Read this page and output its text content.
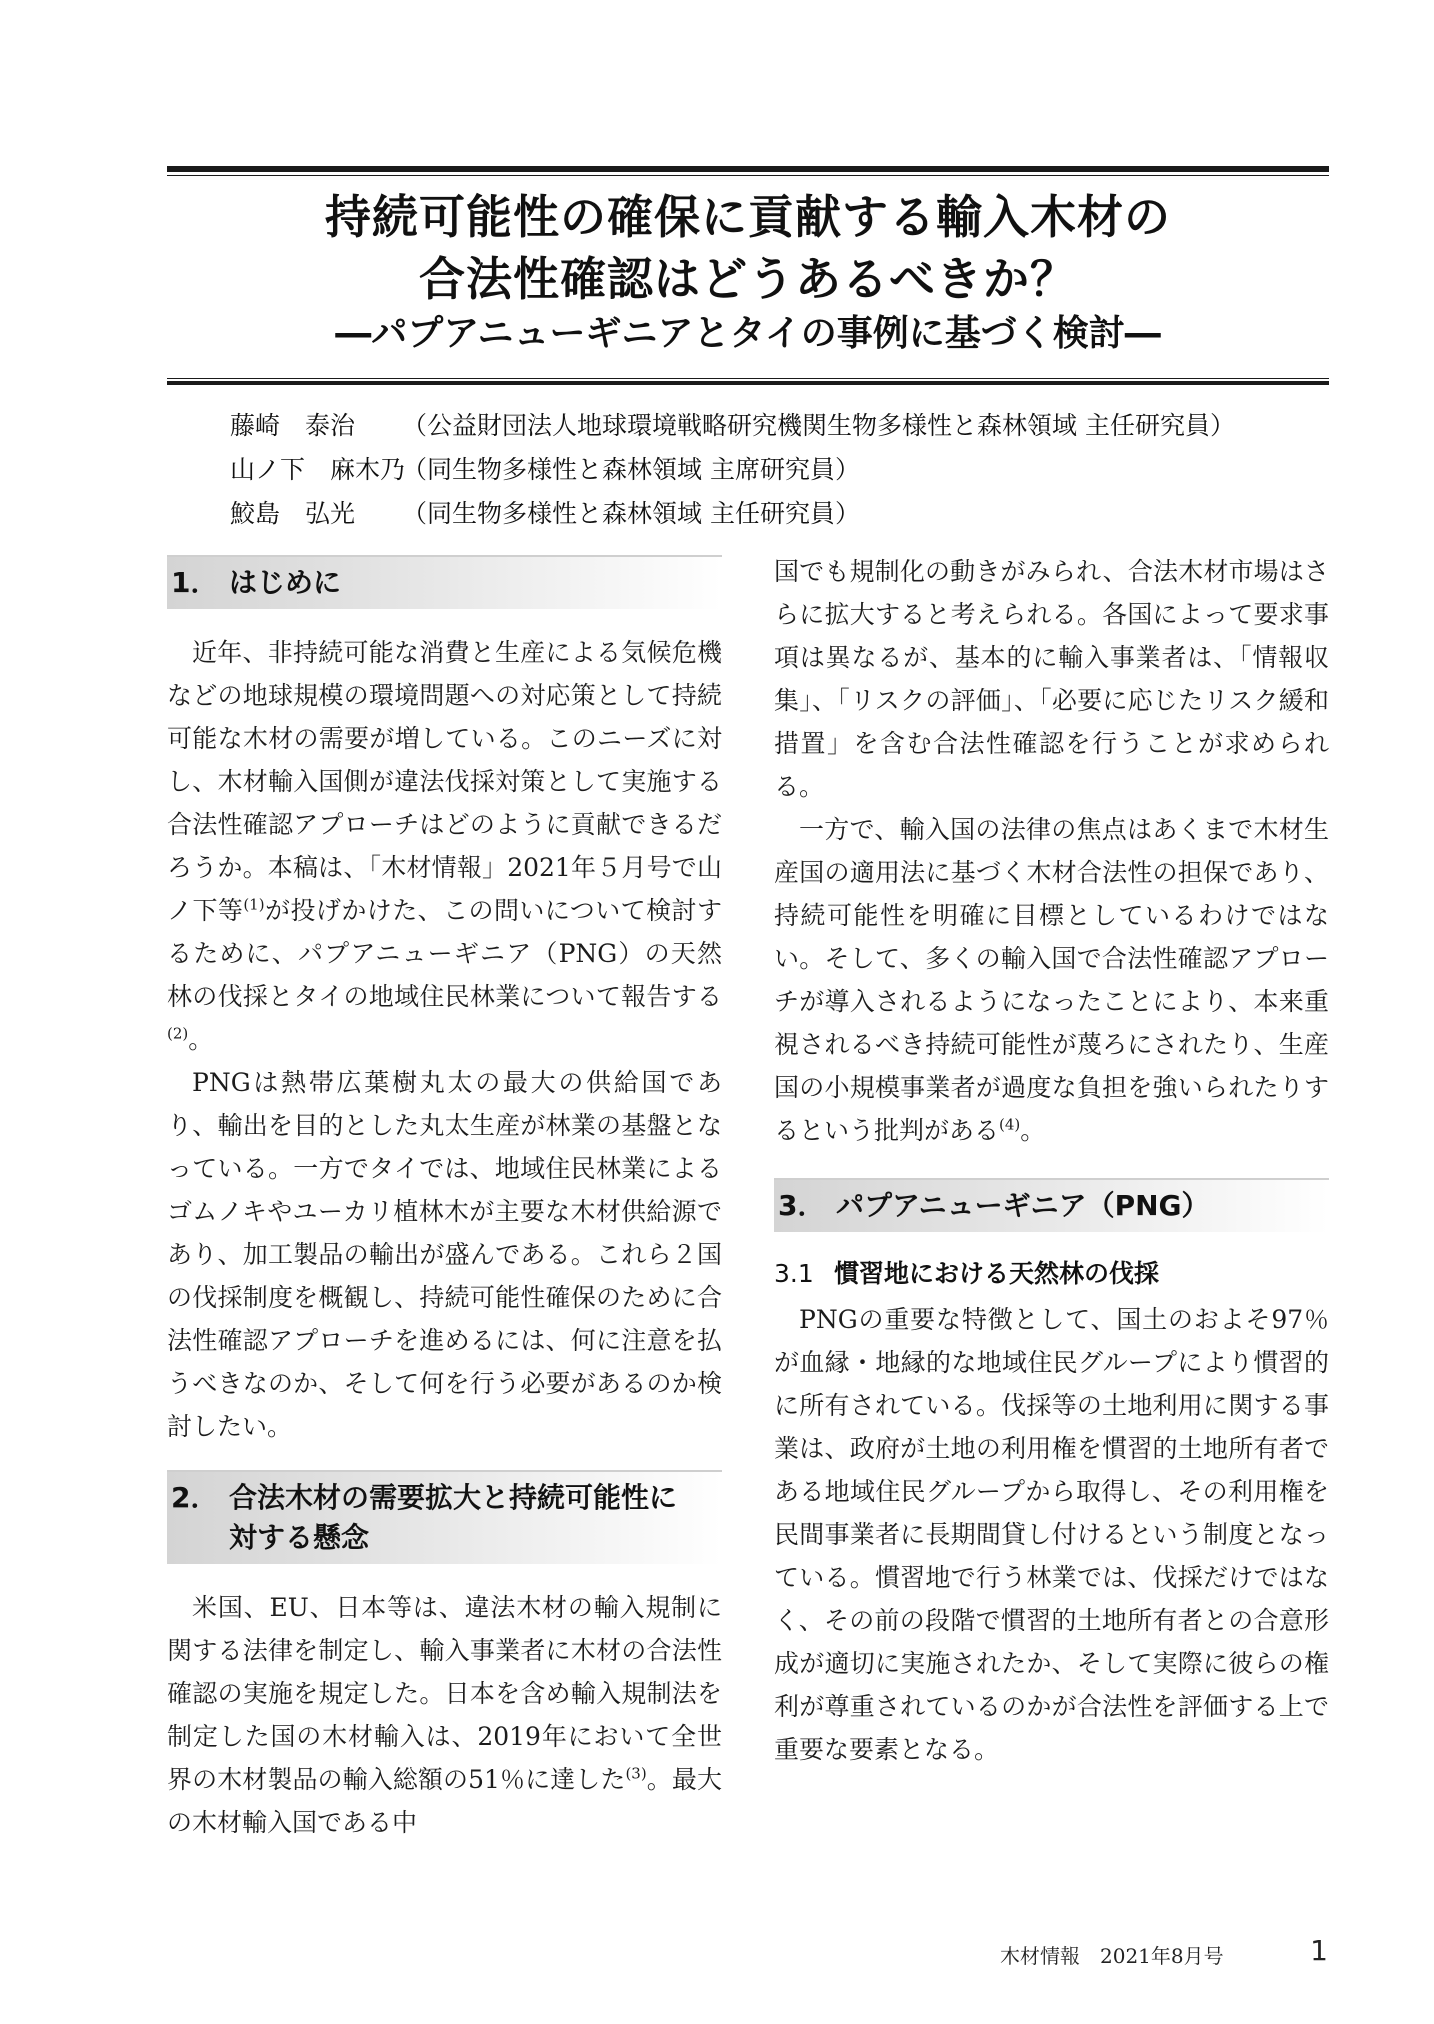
持続可能性の確保に貢献する輸入木材の
合法性確認はどうあるべきか？
―パプアニューギニアとタイの事例に基づく検討―
藤崎　泰治 （公益財団法人地球環境戦略研究機関生物多様性と森林領域 主任研究員）
山ノ下　麻木乃（同生物多様性と森林領域 主席研究員）
鮫島　弘光 （同生物多様性と森林領域 主任研究員）
1． はじめに

近年、非持続可能な消費と生産による気候危機などの地球規模の環境問題への対応策として持続可能な木材の需要が増している。このニーズに対し、木材輸入国側が違法伐採対策として実施する合法性確認アプローチはどのように貢献できるだろうか。本稿は、「木材情報」2021年５月号で山ノ下等$^{(1)}$が投げかけた、この問いについて検討するために、パプアニューギニア（PNG）の天然林の伐採とタイの地域住民林業について報告する$^{(2)}$。

PNGは熱帯広葉樹丸太の最大の供給国であり、輸出を目的とした丸太生産が林業の基盤となっている。一方でタイでは、地域住民林業によるゴムノキやユーカリ植林木が主要な木材供給源であり、加工製品の輸出が盛んである。これら２国の伐採制度を概観し、持続可能性確保のために合法性確認アプローチを進めるには、何に注意を払うべきなのか、そして何を行う必要があるのか検討したい。

2． 合法木材の需要拡大と持続可能性に
対する懸念

米国、EU、日本等は、違法木材の輸入規制に関する法律を制定し、輸入事業者に木材の合法性確認の実施を規定した。日本を含め輸入規制法を制定した国の木材輸入は、2019年において全世界の木材製品の輸入総額の51％に達した$^{(3)}$。最大の木材輸入国である中

国でも規制化の動きがみられ、合法木材市場はさらに拡大すると考えられる。各国によって要求事項は異なるが、基本的に輸入事業者は、「情報収集」、「リスクの評価」、「必要に応じたリスク緩和措置」を含む合法性確認を行うことが求められる。

一方で、輸入国の法律の焦点はあくまで木材生産国の適用法に基づく木材合法性の担保であり、持続可能性を明確に目標としているわけではない。そして、多くの輸入国で合法性確認アプローチが導入されるようになったことにより、本来重視されるべき持続可能性が蔑ろにされたり、生産国の小規模事業者が過度な負担を強いられたりするという批判がある$^{(4)}$。

3． パプアニューギニア（PNG）
3.1 慣習地における天然林の伐採

PNGの重要な特徴として、国土のおよそ97％が血縁・地縁的な地域住民グループにより慣習的に所有されている。伐採等の土地利用に関する事業は、政府が土地の利用権を慣習的土地所有者である地域住民グループから取得し、その利用権を民間事業者に長期間貸し付けるという制度となっている。慣習地で行う林業では、伐採だけではなく、その前の段階で慣習的土地所有者との合意形成が適切に実施されたか、そして実際に彼らの権利が尊重されているのかが合法性を評価する上で重要な要素となる。

木材情報　2021年8月号	1
